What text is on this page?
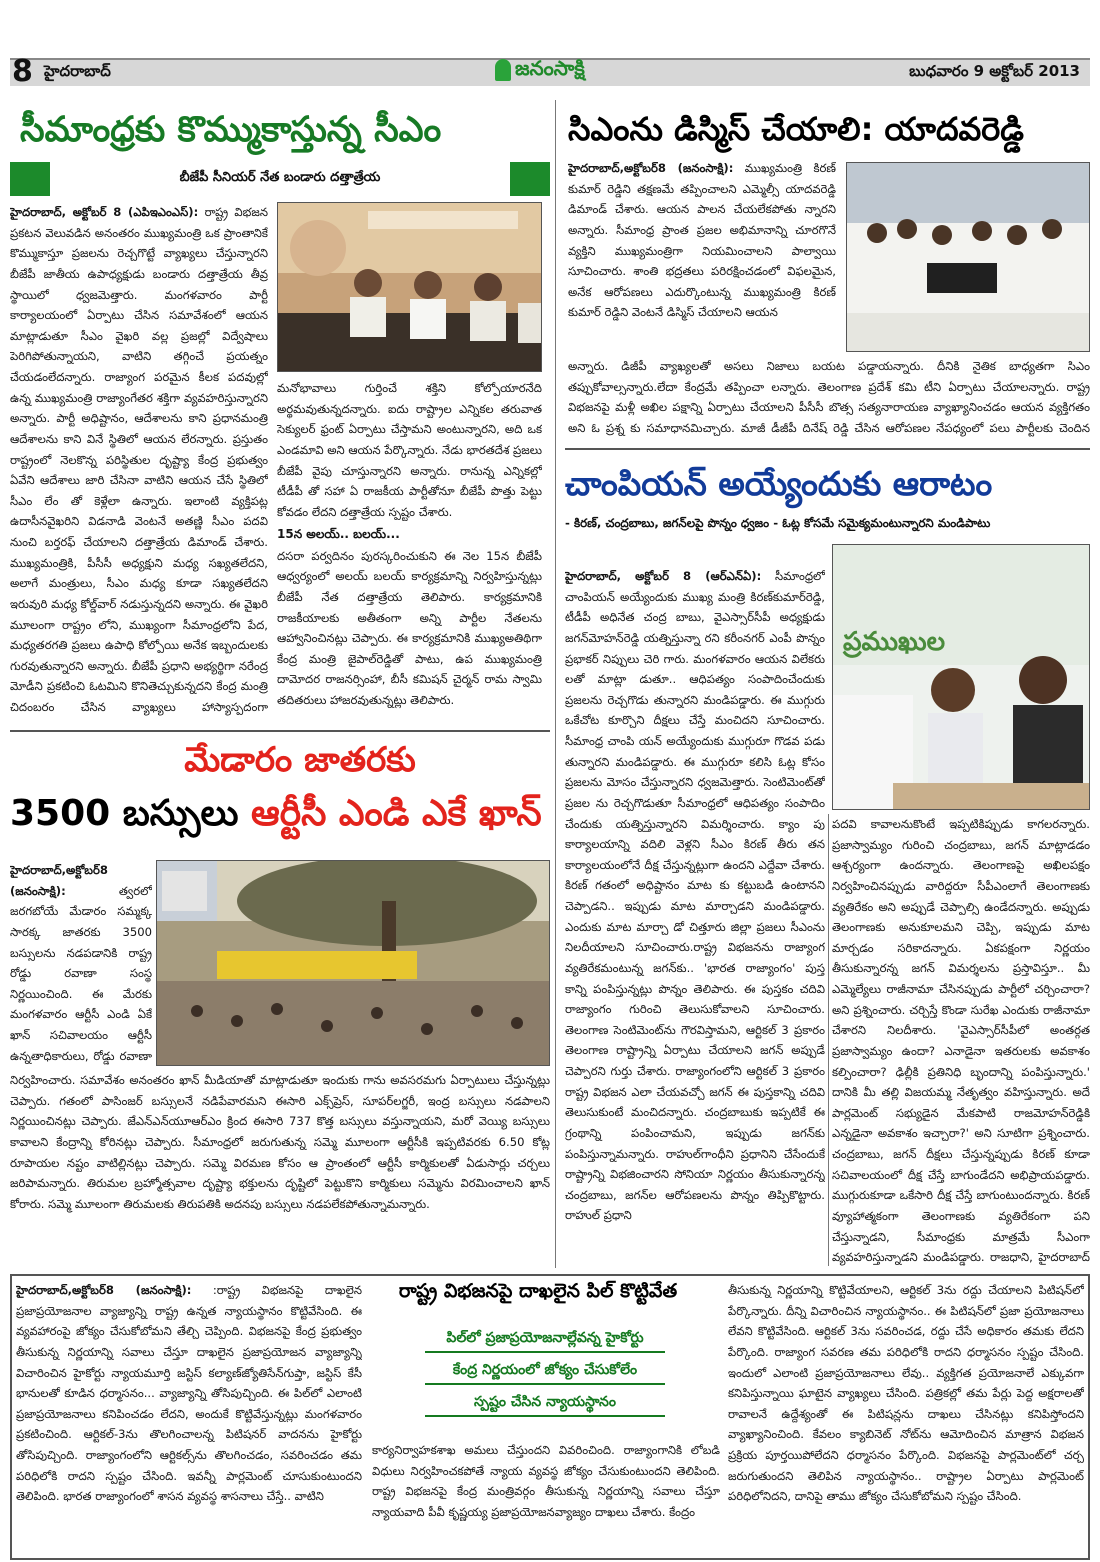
8 హైదరాబాద్	జనంసాక్షి	బుధవారం 9 అక్టోబర్ 2013
సీమాంధ్రకు కొమ్ముకాస్తున్న సీఎం
బీజేపీ సీనియర్ నేత బండారు దత్తాత్రేయ
హైదరాబాద్, అక్టోబర్ 8 (ఎపిఇఎంఎస్): రాష్ట్ర విభజన ప్రకటన వెలువడిన అనంతరం ముఖ్యమంత్రి ఒక ప్రాంతానికే కొమ్ముకాస్తూ ప్రజలను రెచ్చగొట్టే వ్యాఖ్యలు చేస్తున్నారని బీజేపీ జాతీయ ఉపాధ్యక్షుడు బండారు దత్తాత్రేయ తీవ్ర స్థాయిలో ధ్వజమెత్తారు. మంగళవారం పార్టీ కార్యాలయంలో ఏర్పాటు చేసిన సమావేశంలో ఆయన మాట్లాడుతూ సీఎం వైఖరి వల్ల ప్రజల్లో విద్వేషాలు పెరిగిపోతున్నాయని, వాటిని తగ్గించే ప్రయత్నం చేయడంలేదన్నారు. రాజ్యాంగ పరమైన కీలక పదవుల్లో ఉన్న ముఖ్యమంత్రి రాజ్యాంగేతర శక్తిగా వ్యవహరిస్తున్నారని అన్నారు. పార్టీ అధిష్టానం, ఆదేశాలను కాని ప్రధానమంత్రి ఆదేశాలను కాని వినే స్థితిలో ఆయన లేరన్నారు. ప్రస్తుతం రాష్ట్రంలో నెలకొన్న పరిస్థితుల దృష్ట్యా కేంద్ర ప్రభుత్వం ఏవేని ఆదేశాలు జారి చేసినా వాటిని ఆయన చేసే స్థితిలో సీఎం లేం తో కెళ్లేలా ఉన్నారు. ఇలాంటి వ్యక్తిపట్ల ఉదాసీనవైఖరిని విడనాడి వెంటనే అతణ్ణి సీఎం పదవి నుంచి బర్తరఫ్ చేయాలని దత్తాత్రేయ డిమాండ్ చేశారు. ముఖ్యమంత్రికి, పీసీసీ అధ్యక్షుని మధ్య సఖ్యతలేదని, అలాగే మంత్రులు, సీఎం మధ్య కూడా సఖ్యతలేదని ఇరువురి మధ్య కోల్డ్‌వార్ నడుస్తున్నదని అన్నారు. ఈ వైఖరి మూలంగా రాష్ట్రం లోని, ముఖ్యంగా సీమాంధ్రలోని పేద, మధ్యతరగతి ప్రజలు ఉపాధి కోల్పోయి అనేక ఇబ్బందులకు గురవుతున్నారని అన్నారు. బీజేపీ ప్రధాని అభ్యర్థిగా నరేంద్ర మోడీని ప్రకటించి ఓటమిని కొనితెచ్చుకున్నదని కేంద్ర మంత్రి చిదంబరం చేసిన వ్యాఖ్యలు హాస్యాస్పదంగా
మనోభావాలు గుర్తించే శక్తిని కోల్పోయారనేది అర్థమవుతున్నదన్నారు. ఐదు రాష్ట్రాల ఎన్నికల తరువాత సెక్యులర్ ఫ్రంట్ ఏర్పాటు చేస్తామని అంటున్నారని, అది ఒక ఎండమావి అని ఆయన పేర్కొన్నారు. నేడు భారతదేశ ప్రజలు బీజేపీ వైపు చూస్తున్నారని అన్నారు. రానున్న ఎన్నికల్లో టీడీపీ తో సహా ఏ రాజకీయ పార్టీతోనూ బీజేపీ పొత్తు పెట్టు కోవడం లేదని దత్తాత్రేయ స్పష్టం చేశారు.
15న అలయ్.. బలయ్...
దసరా పర్వదినం పురస్కరించుకుని ఈ నెల 15న బీజేపీ ఆధ్వర్యంలో అలయ్ బలయ్ కార్యక్రమాన్ని నిర్వహిస్తున్నట్లు బీజేపీ నేత దత్తాత్రేయ తెలిపారు. కార్యక్రమానికి రాజకీయాలకు అతీతంగా అన్ని పార్టీల నేతలను ఆహ్వానించినట్లు చెప్పారు. ఈ కార్యక్రమానికి ముఖ్యఅతిథిగా కేంద్ర మంత్రి జైపాల్‌రెడ్డితో పాటు, ఉప ముఖ్యమంత్రి దామోదర రాజనర్సింహా, బీసీ కమిషన్ చైర్మన్ రామ స్వామి తదితరులు హాజరవుతున్నట్లు తెలిపారు.
సిఎంను డిస్మిస్ చేయాలి: యాదవరెడ్డి
హైదరాబాద్,అక్టోబర్8 (జనంసాక్షి): ముఖ్యమంత్రి కిరణ్ కుమార్ రెడ్డిని తక్షణమే తప్పించాలని ఎమ్మెల్సీ యాదవరెడ్డి డిమాండ్ చేశారు. ఆయన పాలన చేయలేకపోతు న్నారని అన్నారు. సీమాంధ్ర ప్రాంత ప్రజల అభిమానాన్ని చూరగొనే వ్యక్తిని ముఖ్యమంత్రిగా నియమించాలని పాల్వాయి సూచించారు. శాంతి భద్రతలు పరిరక్షించడంలో విఫలమైన, అనేక ఆరోపణలు ఎదుర్కొంటున్న ముఖ్యమంత్రి కిరణ్ కుమార్ రెడ్డిని వెంటనే డిస్మిస్ చేయాలని ఆయన
అన్నారు. డిజీపీ వ్యాఖ్యలతో అసలు నిజాలు బయట పడ్డాయన్నారు. దీనికి నైతిక బాధ్యతగా సిఎం తప్పుకోవాల్సన్నారు.లేదా కేంద్రమే తప్పించా లన్నారు. తెలంగాణ ప్రదేశ్ కమి టీని ఏర్పాటు చేయాలన్నారు. రాష్ట్ర విభజనపై మళ్లీ అఖిల పక్షాన్ని ఏర్పాటు చేయాలని పీసీసీ బొత్స సత్యనారాయణ వ్యాఖ్యానించడం ఆయన వ్యక్తిగతం అని ఓ ప్రశ్న కు సమాధానమిచ్చారు. మాజీ డీజీపీ దినేష్ రెడ్డి చేసిన ఆరోపణల నేపధ్యంలో పలు పార్టీలకు చెందిన
చాంపియన్ అయ్యేందుకు ఆరాటం
- కిరణ్, చంద్రబాబు, జగన్‌లపై పొన్నం ధ్వజం - ఓట్ల కోసమే సమైక్యమంటున్నారని మండిపాటు
హైదరాబాద్, అక్టోబర్ 8 (ఆర్‌ఎన్‌ఏ): సీమాంధ్రలో చాంపియన్ అయ్యేందుకు ముఖ్య మంత్రి కిరణ్‌కుమార్‌రెడ్డి, టీడీపీ అధినేత చంద్ర బాబు, వైఎస్సార్‌సీపీ అధ్యక్షుడు జగన్‌మోహన్‌రెడ్డి యత్నిస్తున్నా రని కరీంనగర్ ఎంపీ పొన్నం ప్రభాకర్ నిప్పులు చెరి గారు. మంగళవారం ఆయన విలేకరు లతో మాట్లా డుతూ.. ఆధిపత్యం సంపాదించేందుకు ప్రజలను రెచ్చగొడు తున్నారని మండిపడ్డారు. ఈ ముగ్గురు ఒకేచోట కూర్చొని దీక్షలు చేస్తే మంచిదని సూచించారు. సీమాంధ్ర చాంపి యన్ అయ్యేందుకు ముగ్గురూ గొడవ పడు తున్నారని మండిపడ్డారు. ఈ ముగ్గురూ కలిసి ఓట్ల కోసం ప్రజలను మోసం చేస్తున్నారని ధ్వజమెత్తారు. సెంటిమెంట్‌తో ప్రజల ను రెచ్చగొడుతూ సీమాంధ్రలో ఆధిపత్యం సంపాదిం చేందుకు యత్నిస్తున్నారని విమర్శించారు. క్యాం పు కార్యాలయాన్ని వదిలి వెళ్లని సీఎం కిరణ్ తీరు తన కార్యాలయంలోనే దీక్ష చేస్తున్నట్లుగా ఉందని ఎద్దేవా చేశారు. కిరణ్ గతంలో అధిష్టానం మాట కు కట్టుబడి ఉంటానని చెప్పాడని.. ఇప్పుడు మాట మార్చాడని మండిపడ్డారు. ఎందుకు మాట మార్చా డో చిత్తూరు జిల్లా ప్రజలు సీఎంను నిలదీయాలని సూచించారు.రాష్ట్ర విభజనను రాజ్యాంగ వ్యతిరేకమంటున్న జగన్‌కు.. 'భారత రాజ్యాంగం' పుస్త కాన్ని పంపిస్తున్నట్లు పొన్నం తెలిపారు. ఈ పుస్తకం చదివి రాజ్యాంగం గురించి తెలుసుకోవాలని సూచించారు. తెలంగాణ సెంటిమెంట్‌ను గౌరవిస్తామని, ఆర్టికల్ 3 ప్రకారం తెలంగాణ రాష్ట్రాన్ని ఏర్పాటు చేయాలని జగన్ అప్పుడే చెప్పారని గుర్తు చేశారు. రాజ్యాంగంలోని ఆర్టికల్ 3 ప్రకారం రాష్ట్ర విభజన ఎలా చేయవచ్చో జగన్ ఈ పుస్తకాన్ని చదివి తెలుసుకుంటే మంచిదన్నారు. చంద్రబాబుకు ఇప్పటికే ఈ గ్రంథాన్ని పంపించామని, ఇప్పుడు జగన్‌కు పంపిస్తున్నామన్నారు. రాహుల్‌గాంధీని ప్రధానిని చేసేందుకే రాష్ట్రాన్ని విభజించారని సోనియా నిర్ణయం తీసుకున్నారన్న చంద్రబాబు, జగన్‌ల ఆరోపణలను పొన్నం తిప్పికొట్టారు. రాహుల్ ప్రధాని
ప్రముఖుల
పదవి కావాలనుకొంటే ఇప్పటికిప్పుడు కాగలరన్నారు. ప్రజాస్వామ్యం గురించి చంద్రబాబు, జగన్ మాట్లాడడం ఆశ్చర్యంగా ఉందన్నారు. తెలంగాణపై అఖిలపక్షం నిర్వహించినప్పుడు వారిద్దరూ సీపీఎంలాగే తెలంగాణకు వ్యతిరేకం అని అప్పుడే చెప్పాల్సి ఉండేదన్నారు. అప్పుడు తెలంగాణకు అనుకూలమని చెప్పి, ఇప్పుడు మాట మార్చడం సరికాదన్నారు. ఏకపక్షంగా నిర్ణయం తీసుకున్నారన్న జగన్ విమర్శలను ప్రస్తావిస్తూ.. మీ ఎమ్మెల్యేలు రాజీనామా చేసినప్పుడు పార్టీలో చర్చించారా? అని ప్రశ్నించారు. చర్చిస్తే కొండా సురేఖ ఎందుకు రాజీనామా చేశారని నిలదీశారు. 'వైఎస్సార్‌సీపీలో అంతర్గత ప్రజాస్వామ్యం ఉందా? ఎనాడైనా ఇతరులకు అవకాశం కల్పించారా? ఢిల్లీకి ప్రతినిధి బృందాన్ని పంపిస్తున్నారు.' దానికి మీ తల్లి విజయమ్మ నేతృత్వం వహిస్తున్నారు. అదే పార్లమెంట్ సభ్యుడైన మేకపాటి రాజమోహన్‌రెడ్డికి ఎన్నడైనా అవకాశం ఇచ్చారా?' అని సూటిగా ప్రశ్నించారు. చంద్రబాబు, జగన్ దీక్షలు చేస్తున్నప్పుడు కిరణ్ కూడా సచివాలయంలో దీక్ష చేస్తే బాగుండేదని అభిప్రాయపడ్డారు. ముగ్గురుకూడా ఒకేసారి దీక్ష చేస్తే బాగుంటుందన్నారు. కిరణ్ వ్యూహాత్మకంగా తెలంగాణకు వ్యతిరేకంగా పని చేస్తున్నాడని, సీమాంధ్రకు మాత్రమే సీఎంగా వ్యవహరిస్తున్నాడని మండిపడ్డారు. రాజధాని, హైదరాబాద్
మేడారం జాతరకు
3500 బస్సులు ఆర్టీసీ ఎండి ఎకే ఖాన్
హైదరాబాద్,అక్టోబర్8 (జనంసాక్షి):	త్వరలో జరగబోయే మేడారం సమ్మక్క సారక్క జాతరకు 3500 బస్సులను నడపడానికి రాష్ట్ర రోడ్డు రవాణా సంస్థ నిర్ణయించింది. ఈ మేరకు మంగళవారం ఆర్టీసీ ఎండి ఏకే ఖాన్ సచివాలయం ఆర్టీసీ ఉన్నతాధికారులు, రోడ్డు రవాణా
నిర్వహించారు. సమావేశం అనంతరం ఖాన్ మీడియాతో మాట్లాడుతూ ఇందుకు గాను అవసరమగు ఏర్పాటులు చేస్తున్నట్లు చెప్పారు. గతంలో పాసింజర్ బస్సులనే నడిపేవారమని ఈసారి ఎక్స్‌ప్రెస్, సూపర్‌లగ్జరీ, ఇంద్ర బస్సులు నడపాలని నిర్ణయించినట్లు చెప్పారు. జేఎన్‌ఎన్‌యూఆర్‌ఎం క్రింద ఈసారి 737 కొత్త బస్సులు వస్తున్నాయని, మరో వెయ్యి బస్సులు కావాలని కేంద్రాన్ని కోరినట్లు చెప్పారు. సీమాంధ్రలో జరుగుతున్న సమ్మె మూలంగా ఆర్టీసీకి ఇప్పటివరకు 6.50 కోట్ల రూపాయల నష్టం వాటిల్లినట్లు చెప్పారు. సమ్మె విరమణ కోసం ఆ ప్రాంతంలో ఆర్టీసీ కార్మికులతో ఏడుసార్లు చర్చలు జరిపామన్నారు. తిరుమల బ్రహ్మోత్సవాల దృష్ట్యా భక్తులను దృష్టిలో పెట్టుకొని కార్మికులు సమ్మెను విరమించాలని ఖాన్ కోరారు. సమ్మె మూలంగా తిరుమలకు తిరుపతికి అదనపు బస్సులు నడపలేకపోతున్నామన్నారు.
హైదరాబాద్,అక్టోబర్8 (జనంసాక్షి): :రాష్ట్ర విభజనపై దాఖలైన ప్రజాప్రయోజనాల వ్యాజ్యాన్ని రాష్ట్ర ఉన్నత న్యాయస్థానం కొట్టివేసింది. ఈ వ్యవహారంపై జోక్యం చేసుకోబోమని తేల్చి చెప్పింది. విభజనపై కేంద్ర ప్రభుత్వం తీసుకున్న నిర్ణయాన్ని సవాలు చేస్తూ దాఖలైన ప్రజాప్రయోజన వ్యాజ్యాన్ని విచారించిన హైకోర్టు న్యాయమూర్తి జస్టిస్ కల్యాణ్‌జ్యోతిసేన్‌గుప్తా, జస్టిస్ కేసీ భానులతో కూడిన ధర్మాసనం... వ్యాజ్యాన్ని తోసిపుచ్చింది. ఈ పిల్‌లో ఎలాంటి ప్రజాప్రయోజనాలు కనిపించడం లేదని, అందుకే కొట్టివేస్తున్నట్లు మంగళవారం ప్రకటించింది. ఆర్టికల్-3ను తొలగించాలన్న పిటిషనర్ వాదనను హైకోర్టు తోసిపుచ్చింది. రాజ్యాంగంలోని ఆర్టికల్స్‌ను తొలగించడం, సవరించడం తమ పరిధిలోకి రాదని స్పష్టం చేసింది. ఇవన్నీ పార్లమెంట్ చూసుకుంటుందని తెలిపింది. భారత రాజ్యాంగంలో శాసన వ్యవస్థ శాసనాలు చేస్తే.. వాటిని
రాష్ట్ర విభజనపై దాఖలైన పిల్ కొట్టివేత
పిల్‌లో ప్రజాప్రయోజనాల్లేవన్న హైకోర్టు
కేంద్ర నిర్ణయంలో జోక్యం చేసుకోలేం
స్పష్టం చేసిన న్యాయస్థానం
కార్యనిర్వాహకశాఖ అమలు చేస్తుందని వివరించింది. రాజ్యాంగానికి లోబడి విధులు నిర్వహించకపోతే న్యాయ వ్యవస్థ జోక్యం చేసుకుంటుందని తెలిపింది. రాష్ట్ర విభజనపై కేంద్ర మంత్రివర్గం తీసుకున్న నిర్ణయాన్ని సవాలు చేస్తూ న్యాయవాది పీవీ కృష్ణయ్య ప్రజాప్రయోజనవ్యాజ్యం దాఖలు చేశారు. కేంద్రం
తీసుకున్న నిర్ణయాన్ని కొట్టివేయాలని, ఆర్టికల్ 3ను రద్దు చేయాలని పిటిషన్‌లో పేర్కొన్నారు. దీన్ని విచారించిన న్యాయస్థానం.. ఈ పిటిషన్‌లో ప్రజా ప్రయోజనాలు లేవని కొట్టివేసింది. ఆర్టికల్ 3ను సవరించడ, రద్దు చేసే అధికారం తమకు లేదని పేర్కొంది. రాజ్యాంగ సవరణ తమ పరిధిలోకి రాదని ధర్మాసనం స్పష్టం చేసింది. ఇందులో ఎలాంటి ప్రజాప్రయోజనాలు లేవు.. వ్యక్తిగత ప్రయోజనాలే ఎక్కువగా కనిపిస్తున్నాయి ఘాటైన వ్యాఖ్యలు చేసింది. పత్రికల్లో తమ పేర్లు పెద్ద అక్షరాలతో రావాలనే ఉద్దేశ్యంతో ఈ పిటిషన్లను దాఖలు చేసినట్లు కనిపిస్తోందని వ్యాఖ్యానించింది. కేవలం క్యాబినెట్ నోట్‌ను ఆమోదించిన మాత్రాన విభజన ప్రక్రియ పూర్తయిపోలేదని ధర్మాసనం పేర్కొంది. విభజనపై పార్లమెంట్‌లో చర్చ జరుగుతుందని తెలిపిన న్యాయస్థానం.. రాష్ట్రాల ఏర్పాటు పార్లమెంట్ పరిధిలోనిదని, దానిపై తాము జోక్యం చేసుకోబోమని స్పష్టం చేసింది.
